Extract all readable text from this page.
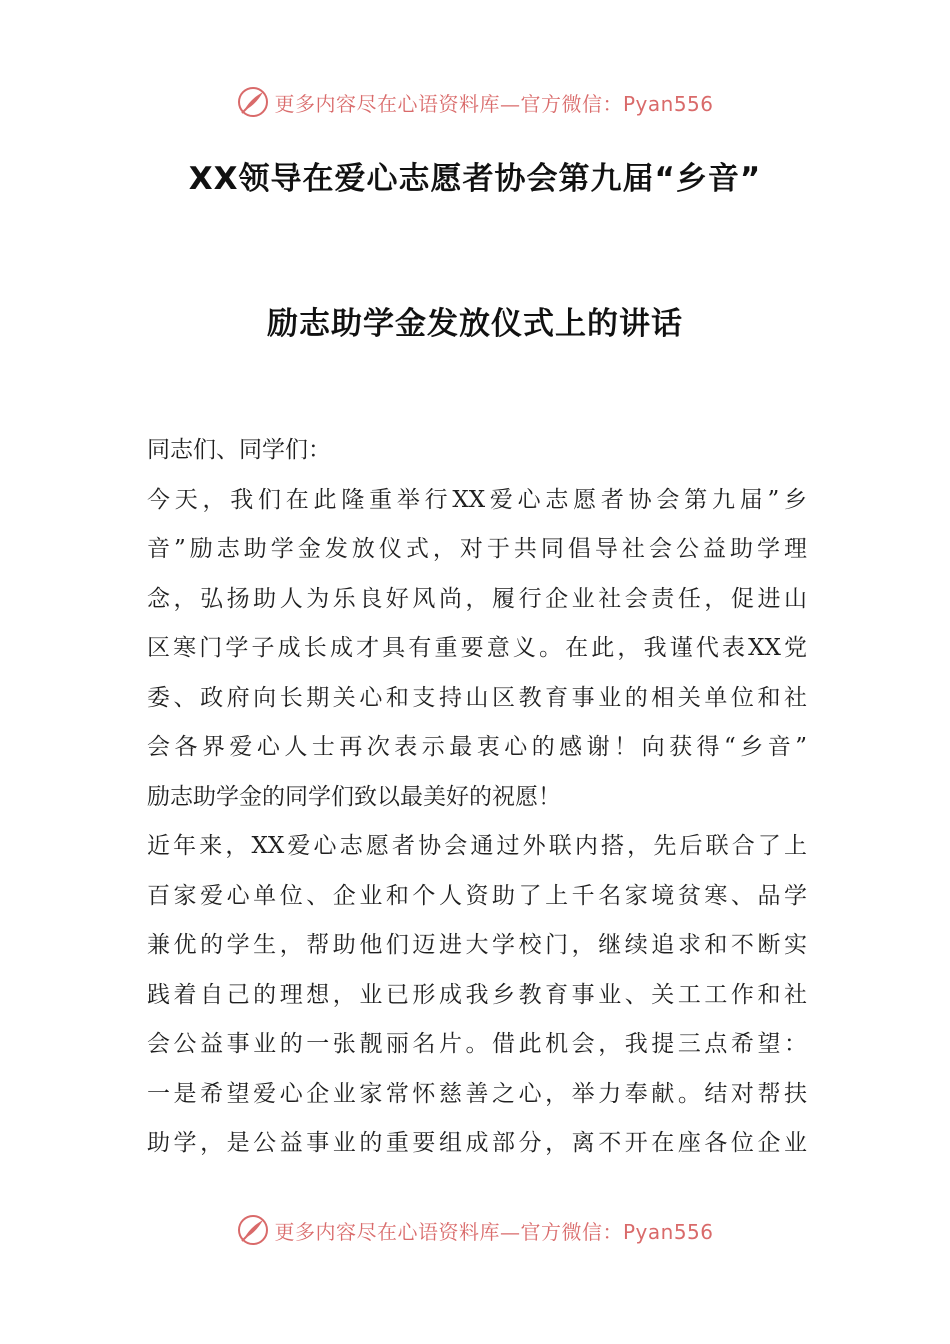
更多内容尽在心语资料库—官方微信：Pyan556
XX领导在爱心志愿者协会第九届“乡音”
励志助学金发放仪式上的讲话
同志们、同学们：
今天，我们在此隆重举行XX爱心志愿者协会第九届”乡
音”励志助学金发放仪式，对于共同倡导社会公益助学理
念，弘扬助人为乐良好风尚，履行企业社会责任，促进山
区寒门学子成长成才具有重要意义。在此，我谨代表XX党
委、政府向长期关心和支持山区教育事业的相关单位和社
会各界爱心人士再次表示最衷心的感谢！向获得“乡音”
励志助学金的同学们致以最美好的祝愿！
近年来，XX爱心志愿者协会通过外联内搭，先后联合了上
百家爱心单位、企业和个人资助了上千名家境贫寒、品学
兼优的学生，帮助他们迈进大学校门，继续追求和不断实
践着自己的理想，业已形成我乡教育事业、关工工作和社
会公益事业的一张靓丽名片。借此机会，我提三点希望：
一是希望爱心企业家常怀慈善之心，举力奉献。结对帮扶
助学，是公益事业的重要组成部分，离不开在座各位企业
更多内容尽在心语资料库—官方微信：Pyan556
